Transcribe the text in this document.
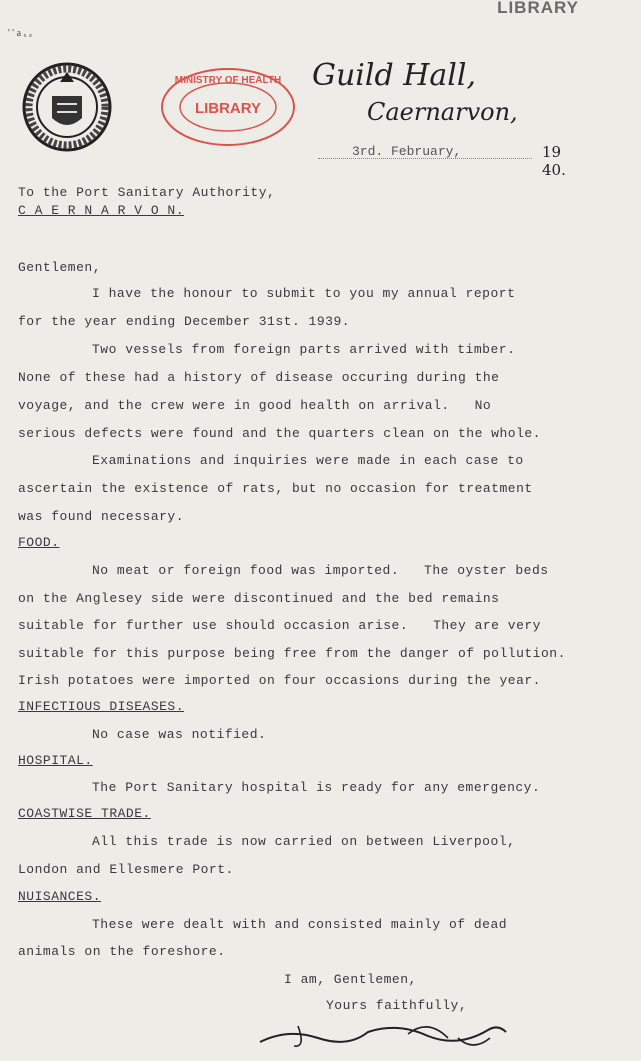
LIBRARY
' ' a ₓ ₔ
MINISTRY OF HEALTH
LIBRARY
Guild Hall,
Caernarvon,
3rd. February,	19 40.
To the Port Sanitary Authority,
C A E R N A R V O N.
Gentlemen,
I have the honour to submit to you my annual report
for the year ending December 31st. 1939.
Two vessels from foreign parts arrived with timber.
None of these had a history of disease occuring during the
voyage, and the crew were in good health on arrival.   No
serious defects were found and the quarters clean on the whole.
Examinations and inquiries were made in each case to
ascertain the existence of rats, but no occasion for treatment
was found necessary.
FOOD.
No meat or foreign food was imported.   The oyster beds
on the Anglesey side were discontinued and the bed remains
suitable for further use should occasion arise.   They are very
suitable for this purpose being free from the danger of pollution.
Irish potatoes were imported on four occasions during the year.
INFECTIOUS DISEASES.
No case was notified.
HOSPITAL.
The Port Sanitary hospital is ready for any emergency.
COASTWISE TRADE.
All this trade is now carried on between Liverpool,
London and Ellesmere Port.
NUISANCES.
These were dealt with and consisted mainly of dead
animals on the foreshore.
I am, Gentlemen,
Yours faithfully,
